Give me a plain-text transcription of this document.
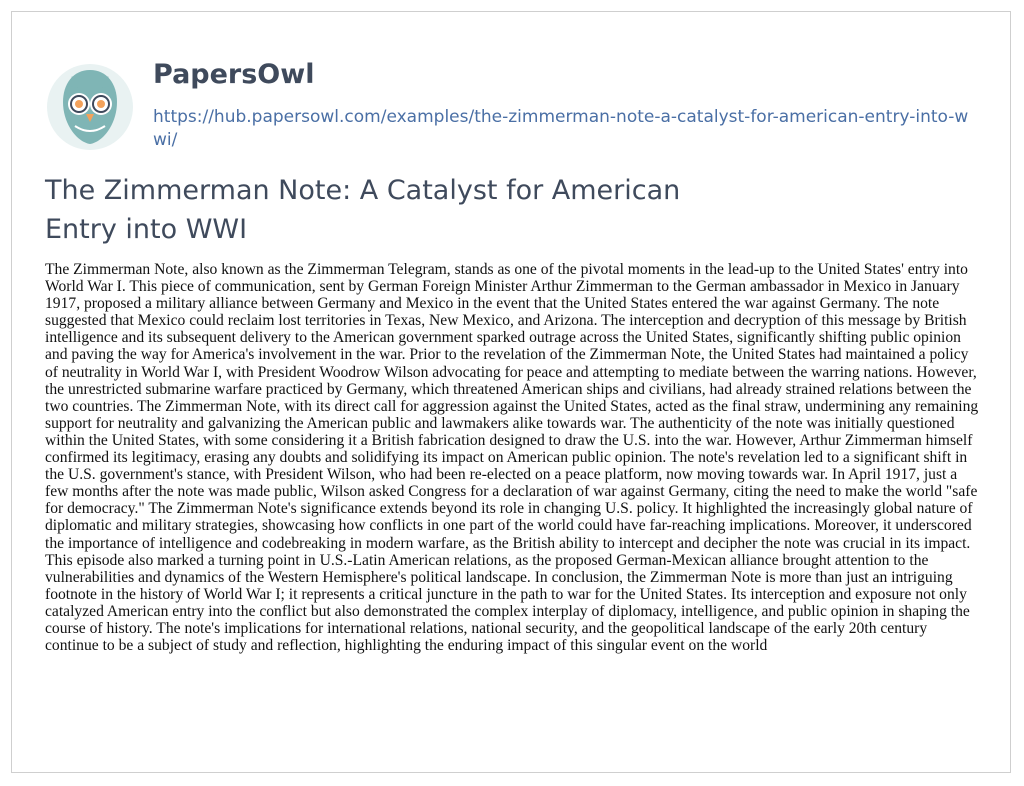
PapersOwl
https://hub.papersowl.com/examples/the-zimmerman-note-a-catalyst-for-american-entry-into-wwi/
The Zimmerman Note: A Catalyst for American Entry into WWI

The Zimmerman Note, also known as the Zimmerman Telegram, stands as one of the pivotal moments in the lead-up to the United States' entry into World War I. This piece of communication, sent by German Foreign Minister Arthur Zimmerman to the German ambassador in Mexico in January 1917, proposed a military alliance between Germany and Mexico in the event that the United States entered the war against Germany. The note suggested that Mexico could reclaim lost territories in Texas, New Mexico, and Arizona. The interception and decryption of this message by British intelligence and its subsequent delivery to the American government sparked outrage across the United States, significantly shifting public opinion and paving the way for America's involvement in the war. Prior to the revelation of the Zimmerman Note, the United States had maintained a policy of neutrality in World War I, with President Woodrow Wilson advocating for peace and attempting to mediate between the warring nations. However, the unrestricted submarine warfare practiced by Germany, which threatened American ships and civilians, had already strained relations between the two countries. The Zimmerman Note, with its direct call for aggression against the United States, acted as the final straw, undermining any remaining support for neutrality and galvanizing the American public and lawmakers alike towards war. The authenticity of the note was initially questioned within the United States, with some considering it a British fabrication designed to draw the U.S. into the war. However, Arthur Zimmerman himself confirmed its legitimacy, erasing any doubts and solidifying its impact on American public opinion. The note's revelation led to a significant shift in the U.S. government's stance, with President Wilson, who had been re-elected on a peace platform, now moving towards war. In April 1917, just a few months after the note was made public, Wilson asked Congress for a declaration of war against Germany, citing the need to make the world "safe for democracy." The Zimmerman Note's significance extends beyond its role in changing U.S. policy. It highlighted the increasingly global nature of diplomatic and military strategies, showcasing how conflicts in one part of the world could have far-reaching implications. Moreover, it underscored the importance of intelligence and codebreaking in modern warfare, as the British ability to intercept and decipher the note was crucial in its impact. This episode also marked a turning point in U.S.-Latin American relations, as the proposed German-Mexican alliance brought attention to the vulnerabilities and dynamics of the Western Hemisphere's political landscape. In conclusion, the Zimmerman Note is more than just an intriguing footnote in the history of World War I; it represents a critical juncture in the path to war for the United States. Its interception and exposure not only catalyzed American entry into the conflict but also demonstrated the complex interplay of diplomacy, intelligence, and public opinion in shaping the course of history. The note's implications for international relations, national security, and the geopolitical landscape of the early 20th century continue to be a subject of study and reflection, highlighting the enduring impact of this singular event on the world
